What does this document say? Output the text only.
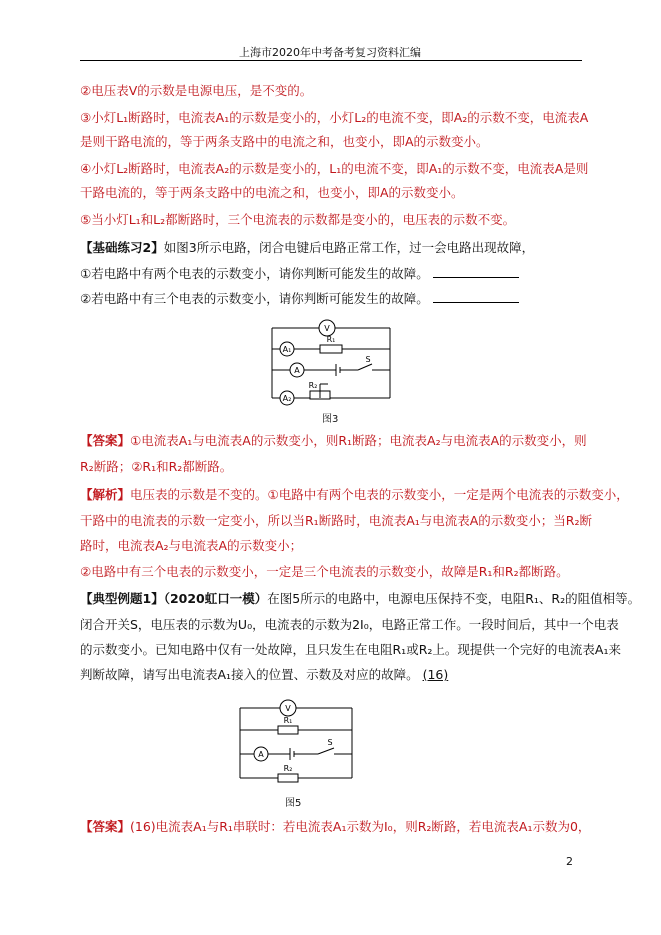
上海市2020年中考备考复习资料汇编
②电压表V的示数是电源电压，是不变的。
③小灯L₁断路时，电流表A₁的示数是变小的，小灯L₂的电流不变，即A₂的示数不变，电流表A
是则干路电流的，等于两条支路中的电流之和，也变小，即A的示数变小。
④小灯L₂断路时，电流表A₂的示数是变小的，L₁的电流不变，即A₁的示数不变，电流表A是则
干路电流的，等于两条支路中的电流之和，也变小，即A的示数变小。
⑤当小灯L₁和L₂都断路时，三个电流表的示数都是变小的，电压表的示数不变。
【基础练习2】如图3所示电路，闭合电键后电路正常工作，过一会电路出现故障，
①若电路中有两个电表的示数变小，请你判断可能发生的故障。
②若电路中有三个电表的示数变小，请你判断可能发生的故障。
V
A₁
A
A₂
R₁
R₂
S
图3
【答案】①电流表A₁与电流表A的示数变小，则R₁断路；电流表A₂与电流表A的示数变小，则
R₂断路；②R₁和R₂都断路。
【解析】电压表的示数是不变的。①电路中有两个电表的示数变小，一定是两个电流表的示数变小，
干路中的电流表的示数一定变小，所以当R₁断路时，电流表A₁与电流表A的示数变小；当R₂断
路时，电流表A₂与电流表A的示数变小；
②电路中有三个电表的示数变小，一定是三个电流表的示数变小，故障是R₁和R₂都断路。
【典型例题1】（2020虹口一模）在图5所示的电路中，电源电压保持不变，电阻R₁、R₂的阻值相等。
闭合开关S，电压表的示数为U₀，电流表的示数为2I₀，电路正常工作。一段时间后，其中一个电表
的示数变小。已知电路中仅有一处故障，且只发生在电阻R₁或R₂上。现提供一个完好的电流表A₁来
判断故障，请写出电流表A₁接入的位置、示数及对应的故障。 (16)
V
A
R₁
R₂
S
图5
【答案】(16)电流表A₁与R₁串联时：若电流表A₁示数为I₀，则R₂断路，若电流表A₁示数为0，
2
